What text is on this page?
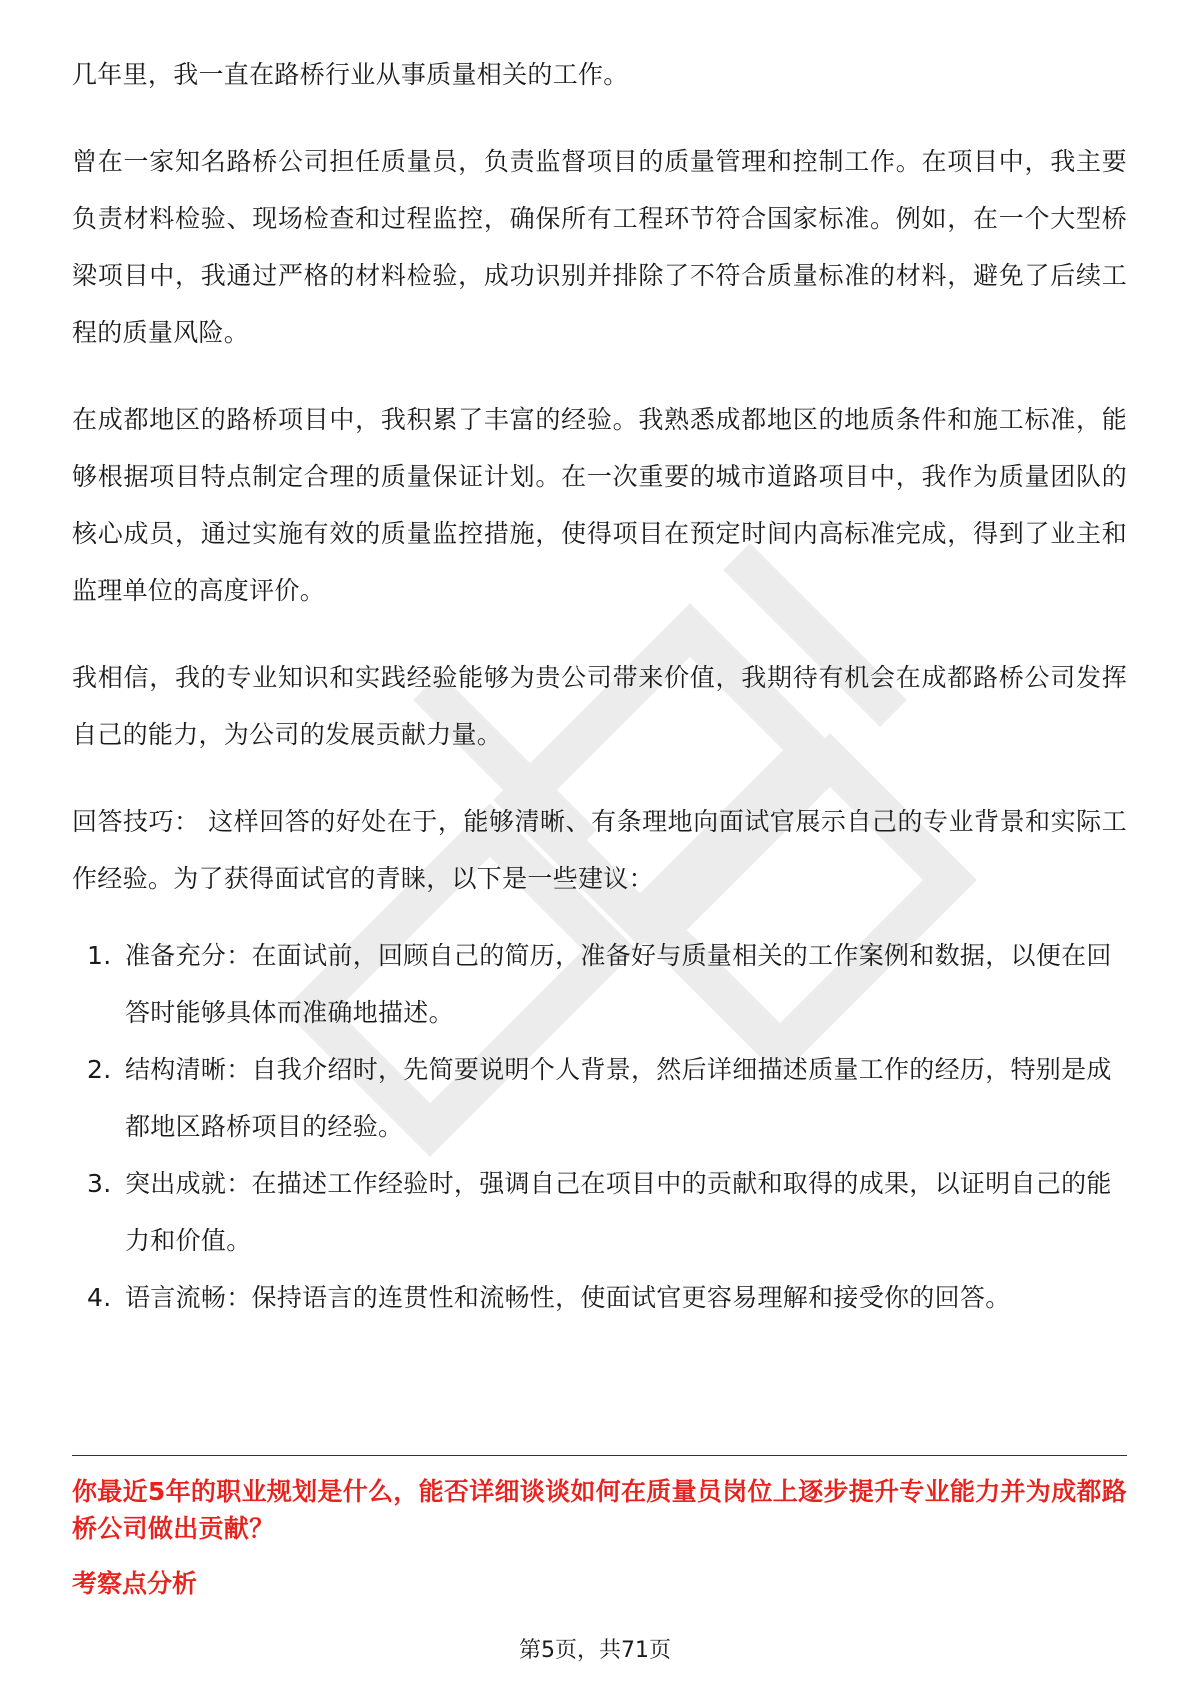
几年里，我一直在路桥行业从事质量相关的工作。

曾在一家知名路桥公司担任质量员，负责监督项目的质量管理和控制工作。在项目中，我主要负责材料检验、现场检查和过程监控，确保所有工程环节符合国家标准。例如，在一个大型桥梁项目中，我通过严格的材料检验，成功识别并排除了不符合质量标准的材料，避免了后续工程的质量风险。

在成都地区的路桥项目中，我积累了丰富的经验。我熟悉成都地区的地质条件和施工标准，能够根据项目特点制定合理的质量保证计划。在一次重要的城市道路项目中，我作为质量团队的核心成员，通过实施有效的质量监控措施，使得项目在预定时间内高标准完成，得到了业主和监理单位的高度评价。

我相信，我的专业知识和实践经验能够为贵公司带来价值，我期待有机会在成都路桥公司发挥自己的能力，为公司的发展贡献力量。

回答技巧： 这样回答的好处在于，能够清晰、有条理地向面试官展示自己的专业背景和实际工作经验。为了获得面试官的青睐，以下是一些建议：

1. 准备充分：在面试前，回顾自己的简历，准备好与质量相关的工作案例和数据，以便在回答时能够具体而准确地描述。
2. 结构清晰：自我介绍时，先简要说明个人背景，然后详细描述质量工作的经历，特别是成都地区路桥项目的经验。
3. 突出成就：在描述工作经验时，强调自己在项目中的贡献和取得的成果，以证明自己的能力和价值。
4. 语言流畅：保持语言的连贯性和流畅性，使面试官更容易理解和接受你的回答。
你最近5年的职业规划是什么，能否详细谈谈如何在质量员岗位上逐步提升专业能力并为成都路桥公司做出贡献？
考察点分析
第5页，共71页
